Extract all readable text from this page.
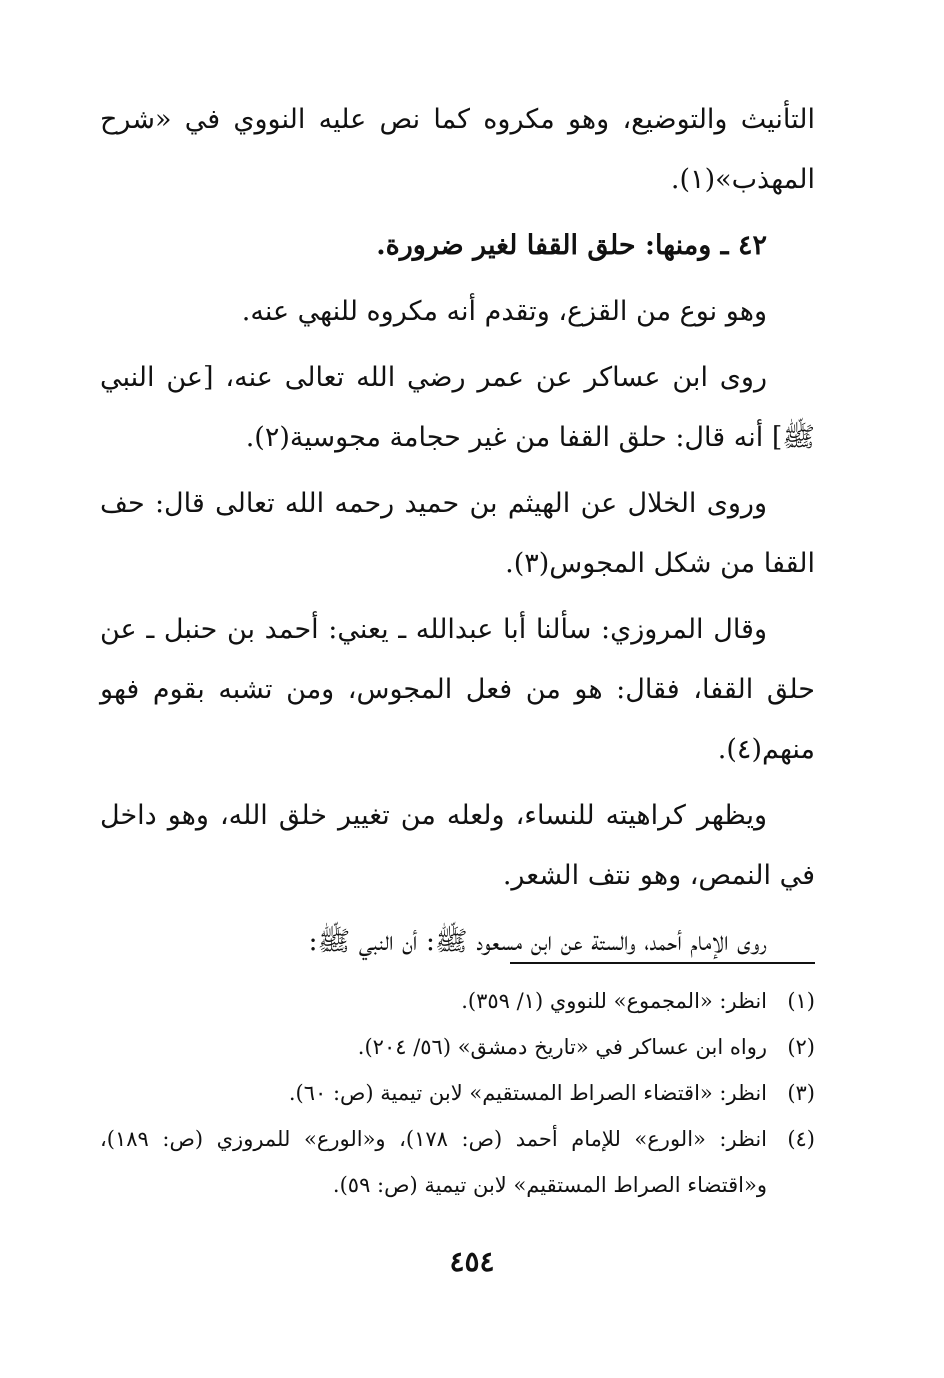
التأنيث والتوضيع، وهو مكروه كما نص عليه النووي في «شرح المهذب»(١).

٤٢ ـ ومنها: حلق القفا لغير ضرورة.

وهو نوع من القزع، وتقدم أنه مكروه للنهي عنه.

روى ابن عساكر عن عمر رضي الله تعالى عنه، [عن النبي ﷺ] أنه قال: حلق القفا من غير حجامة مجوسية(٢).

وروى الخلال عن الهيثم بن حميد رحمه الله تعالى قال: حف القفا من شكل المجوس(٣).

وقال المروزي: سألنا أبا عبدالله ـ يعني: أحمد بن حنبل ـ عن حلق القفا، فقال: هو من فعل المجوس، ومن تشبه بقوم فهو منهم(٤).

ويظهر كراهيته للنساء، ولعله من تغيير خلق الله، وهو داخل في النمص، وهو نتف الشعر.

روى الإمام أحمد، والستة عن ابن مسعود ﷺ: أن النبي ﷺ:

(١)
انظر: «المجموع» للنووي (١/ ٣٥٩).
(٢)
رواه ابن عساكر في «تاريخ دمشق» (٥٦/ ٢٠٤).
(٣)
انظر: «اقتضاء الصراط المستقيم» لابن تيمية (ص: ٦٠).
(٤)
انظر: «الورع» للإمام أحمد (ص: ١٧٨)، و«الورع» للمروزي (ص: ١٨٩)، و«اقتضاء الصراط المستقيم» لابن تيمية (ص: ٥٩).
٤٥٤
